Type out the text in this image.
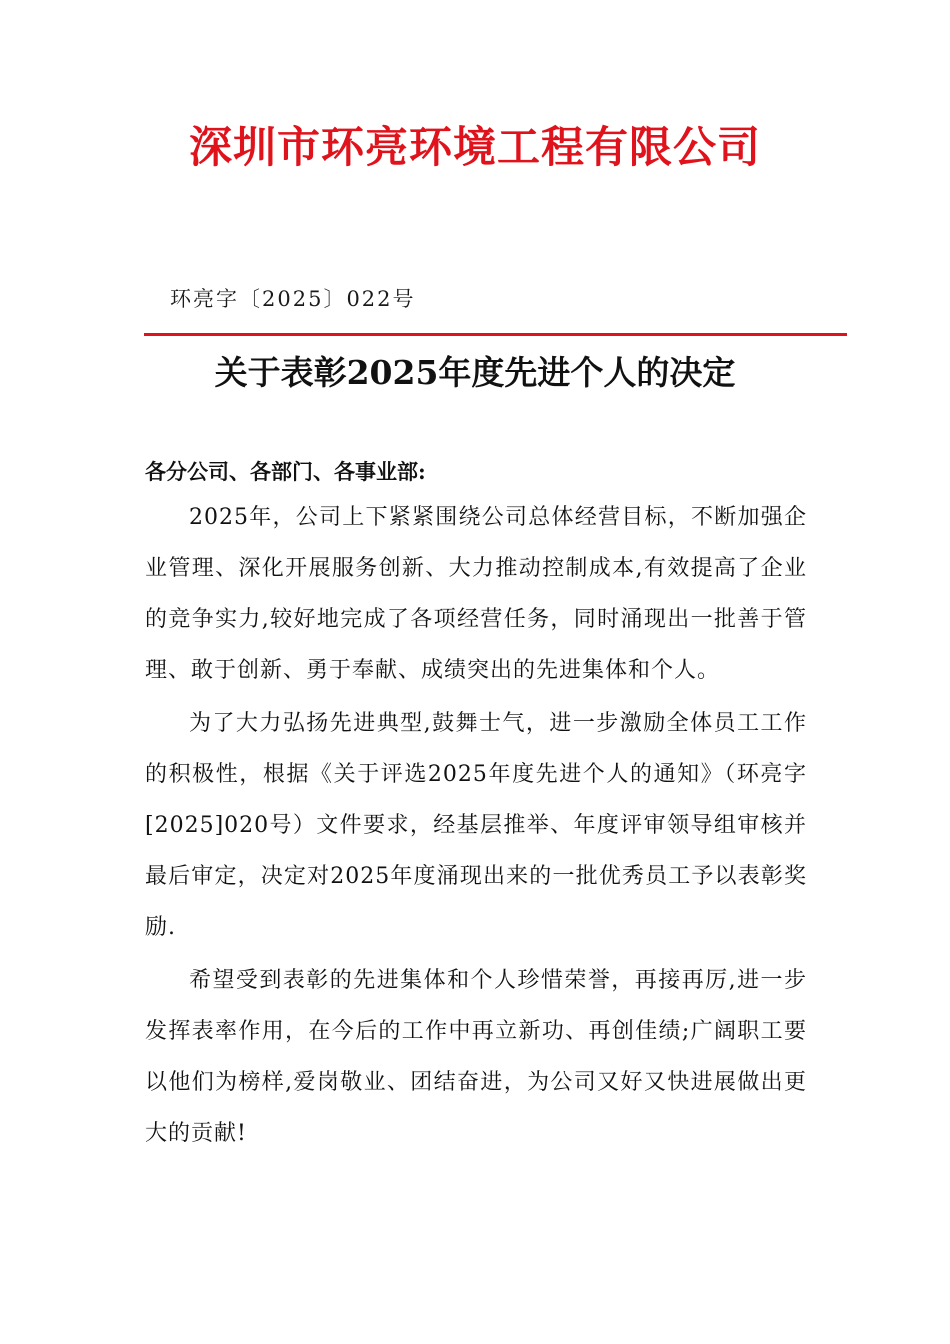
深圳市环亮环境工程有限公司
环亮字〔2025〕022号
关于表彰2025年度先进个人的决定
各分公司、各部门、各事业部:

2025年，公司上下紧紧围绕公司总体经营目标，不断加强企业管理、深化开展服务创新、大力推动控制成本,有效提高了企业的竞争实力,较好地完成了各项经营任务，同时涌现出一批善于管理、敢于创新、勇于奉献、成绩突出的先进集体和个人。

为了大力弘扬先进典型,鼓舞士气，进一步激励全体员工工作的积极性，根据《关于评选2025年度先进个人的通知》（环亮字[2025]020号）文件要求，经基层推举、年度评审领导组审核并最后审定，决定对2025年度涌现出来的一批优秀员工予以表彰奖励.

希望受到表彰的先进集体和个人珍惜荣誉，再接再厉,进一步发挥表率作用，在今后的工作中再立新功、再创佳绩;广阔职工要以他们为榜样,爱岗敬业、团结奋进，为公司又好又快进展做出更大的贡献!
